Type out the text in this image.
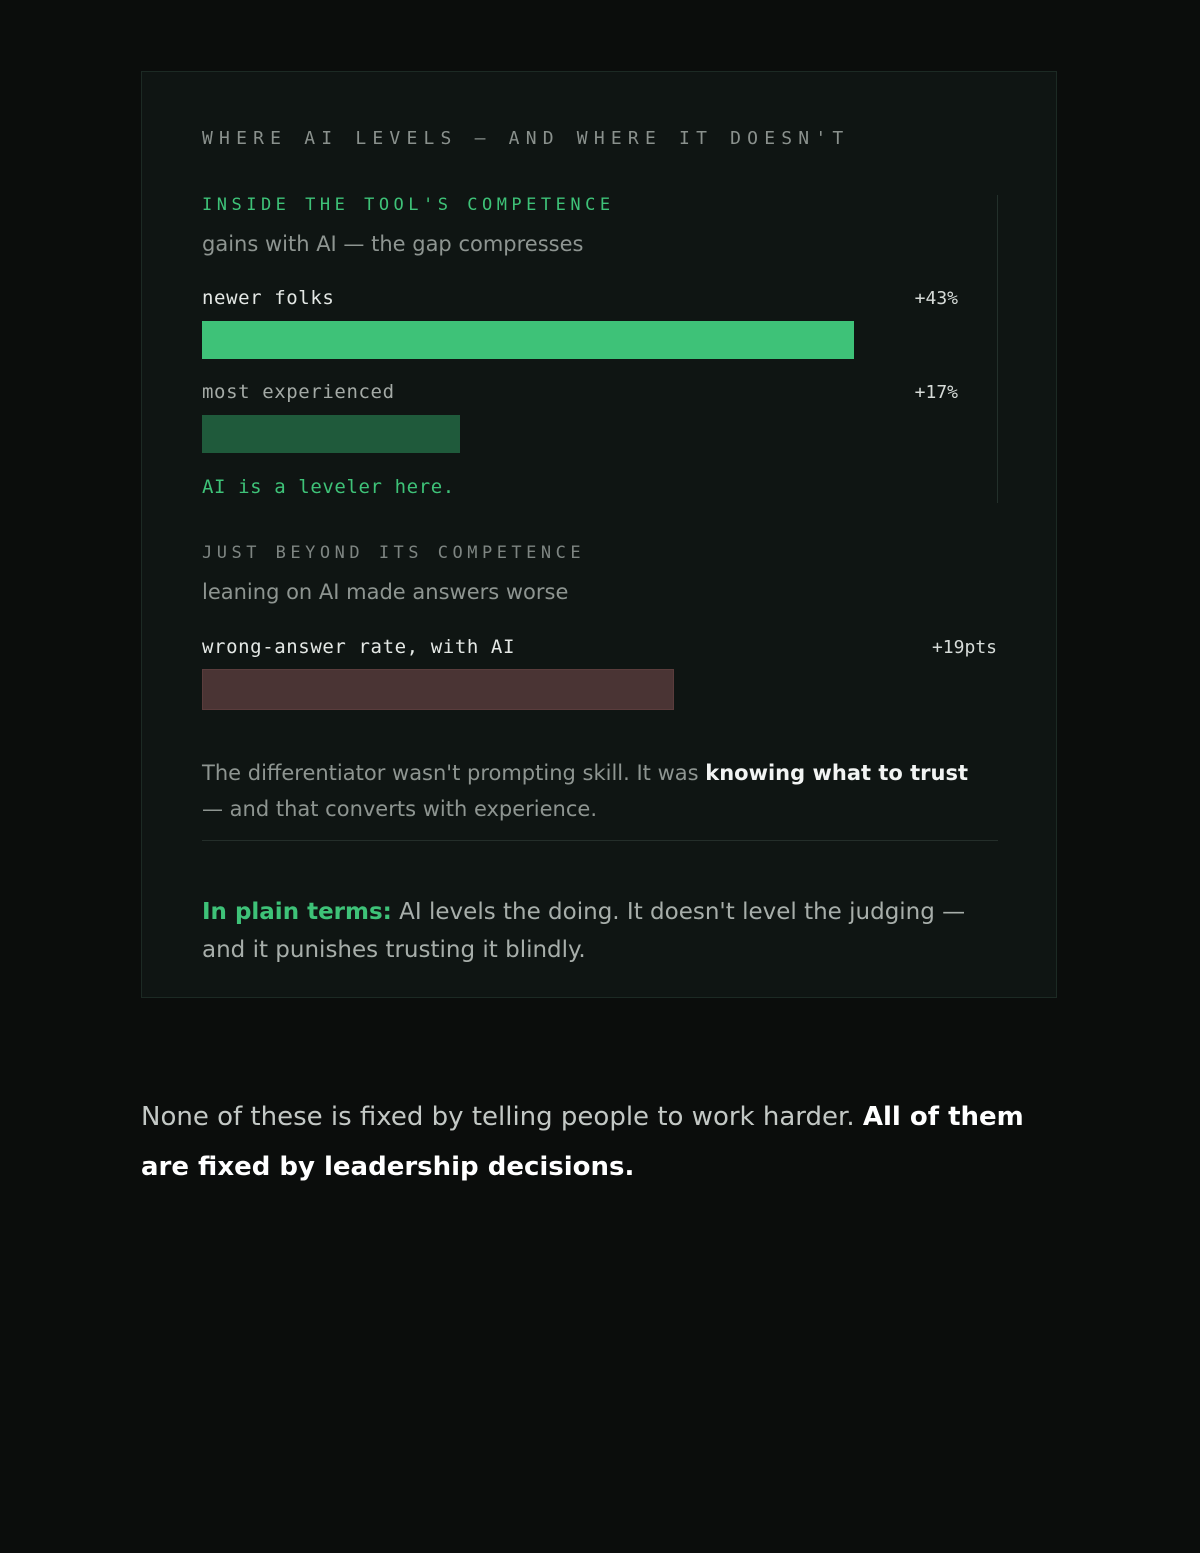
WHERE AI LEVELS — AND WHERE IT DOESN'T

INSIDE THE TOOL'S COMPETENCE

gains with AI — the gap compresses

newer folks	+43%

most experienced	+17%

AI is a leveler here.

JUST BEYOND ITS COMPETENCE

leaning on AI made answers worse

wrong-answer rate, with AI	+19pts

The differentiator wasn't prompting skill. It was knowing what to trust — and that converts with experience.

In plain terms: AI levels the doing. It doesn't level the judging — and it punishes trusting it blindly.

None of these is fixed by telling people to work harder. All of them are fixed by leadership decisions.
